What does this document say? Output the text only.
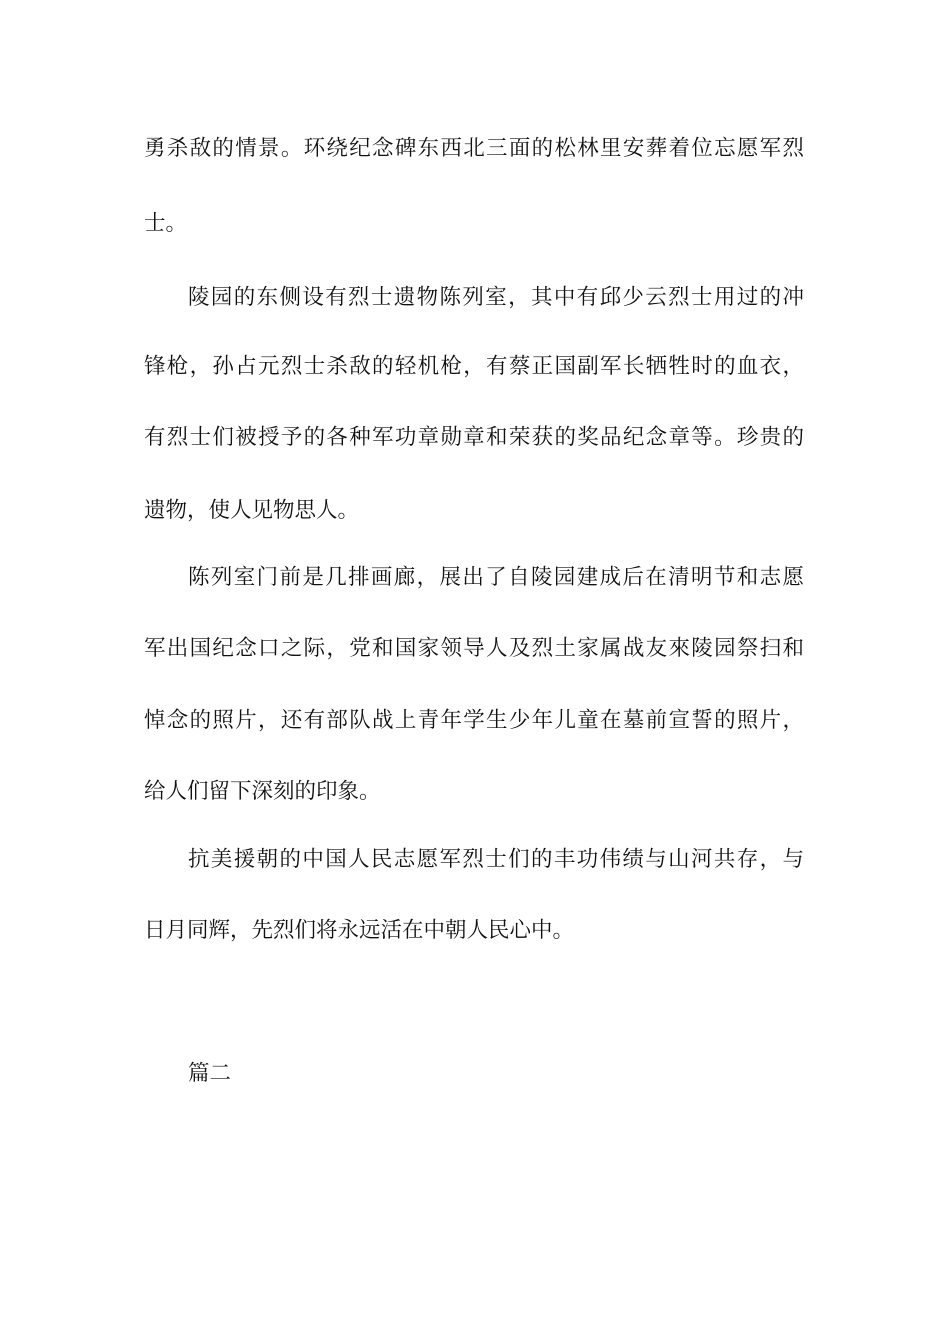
勇杀敌的情景。环绕纪念碑东西北三面的松林里安葬着位忘愿军烈
士。
陵园的东侧设有烈士遗物陈列室，其中有邱少云烈士用过的冲
锋枪，孙占元烈士杀敌的轻机枪，有蔡正国副军长牺牲时的血衣，
有烈士们被授予的各种军功章勋章和荣获的奖品纪念章等。珍贵的
遗物，使人见物思人。
陈列室门前是几排画廊，展出了自陵园建成后在清明节和志愿
军出国纪念口之际，党和国家领导人及烈土家属战友來陵园祭扫和
悼念的照片，还有部队战上青年学生少年儿童在墓前宣誓的照片，
给人们留下深刻的印象。
抗美援朝的中国人民志愿军烈士们的丰功伟绩与山河共存，与
日月同辉，先烈们将永远活在中朝人民心中。
篇二
